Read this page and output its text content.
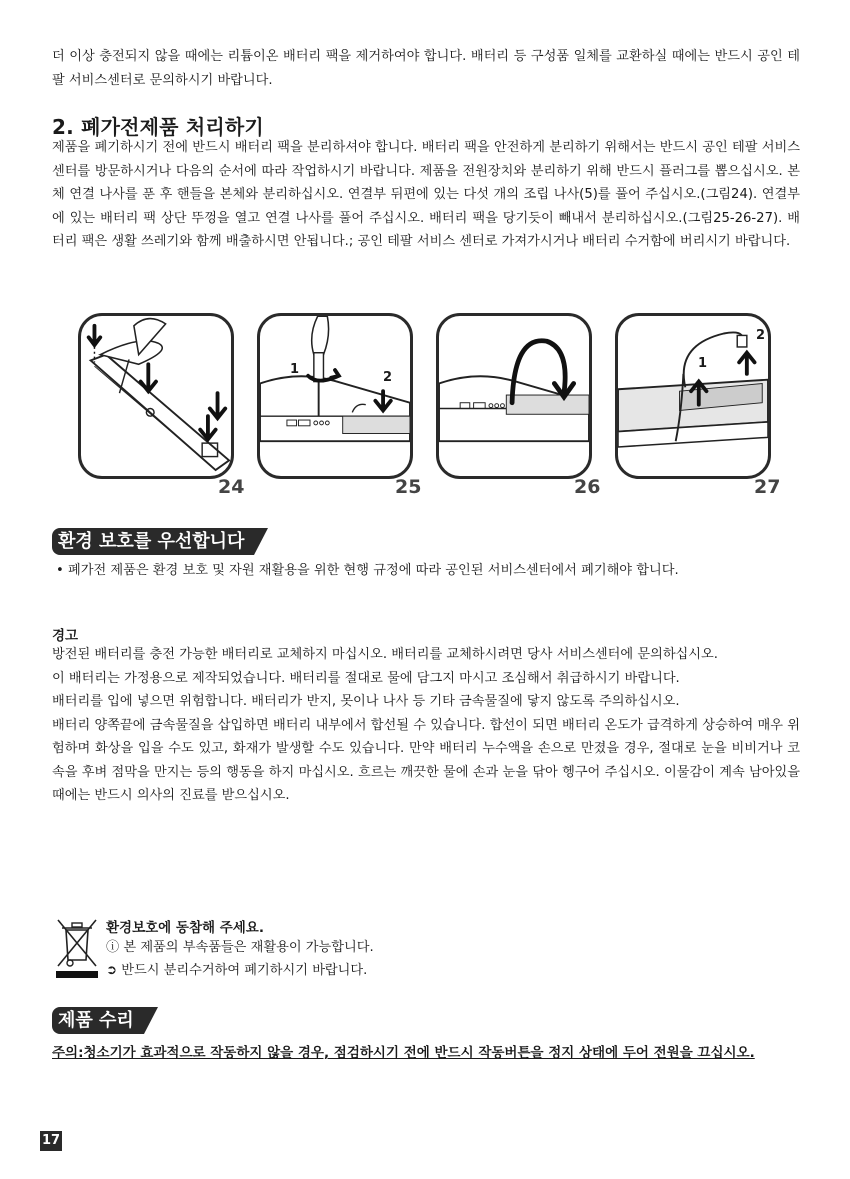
더 이상 충전되지 않을 때에는 리튬이온 배터리 팩을 제거하여야 합니다. 배터리 등 구성품 일체를 교환하실 때에는 반드시 공인 테팔 서비스센터로 문의하시기 바랍니다.
2. 폐가전제품 처리하기
제품을 폐기하시기 전에 반드시 배터리 팩을 분리하셔야 합니다. 배터리 팩을 안전하게 분리하기 위해서는 반드시 공인 테팔 서비스 센터를 방문하시거나 다음의 순서에 따라 작업하시기 바랍니다. 제품을 전원장치와 분리하기 위해 반드시 플러그를 뽑으십시오. 본체 연결 나사를 푼 후 핸들을 본체와 분리하십시오. 연결부 뒤편에 있는 다섯 개의 조립 나사(5)를 풀어 주십시오.(그림24). 연결부에 있는 배터리 팩 상단 뚜껑을 열고 연결 나사를 풀어 주십시오. 배터리 팩을 당기듯이 빼내서 분리하십시오.(그림25-26-27). 배터리 팩은 생활 쓰레기와 함께 배출하시면 안됩니다.; 공인 테팔 서비스 센터로 가져가시거나 배터리 수거함에 버리시기 바랍니다.
24
1
2
25	26
1
2
27
환경 보호를 우선합니다
• 폐가전 제품은 환경 보호 및 자원 재활용을 위한 현행 규정에 따라 공인된 서비스센터에서 폐기해야 합니다.
경고

방전된 배터리를 충전 가능한 배터리로 교체하지 마십시오. 배터리를 교체하시려면 당사 서비스센터에 문의하십시오.

이 배터리는 가정용으로 제작되었습니다. 배터리를 절대로 물에 담그지 마시고 조심해서 취급하시기 바랍니다.

배터리를 입에 넣으면 위험합니다. 배터리가 반지, 못이나 나사 등 기타 금속물질에 닿지 않도록 주의하십시오.

배터리 양쪽끝에 금속물질을 삽입하면 배터리 내부에서 합선될 수 있습니다. 합선이 되면 배터리 온도가 급격하게 상승하여 매우 위험하며 화상을 입을 수도 있고, 화재가 발생할 수도 있습니다. 만약 배터리 누수액을 손으로 만졌을 경우, 절대로 눈을 비비거나 코 속을 후벼 점막을 만지는 등의 행동을 하지 마십시오. 흐르는 깨끗한 물에 손과 눈을 닦아 헹구어 주십시오. 이물감이 계속 남아있을 때에는 반드시 의사의 진료를 받으십시오.

환경보호에 동참해 주세요.
ⓘ 본 제품의 부속품들은 재활용이 가능합니다.
➲ 반드시 분리수거하여 폐기하시기 바랍니다.
제품 수리
주의:청소기가 효과적으로 작동하지 않을 경우, 점검하시기 전에 반드시 작동버튼을 정지 상태에 두어 전원을 끄십시오.
17
